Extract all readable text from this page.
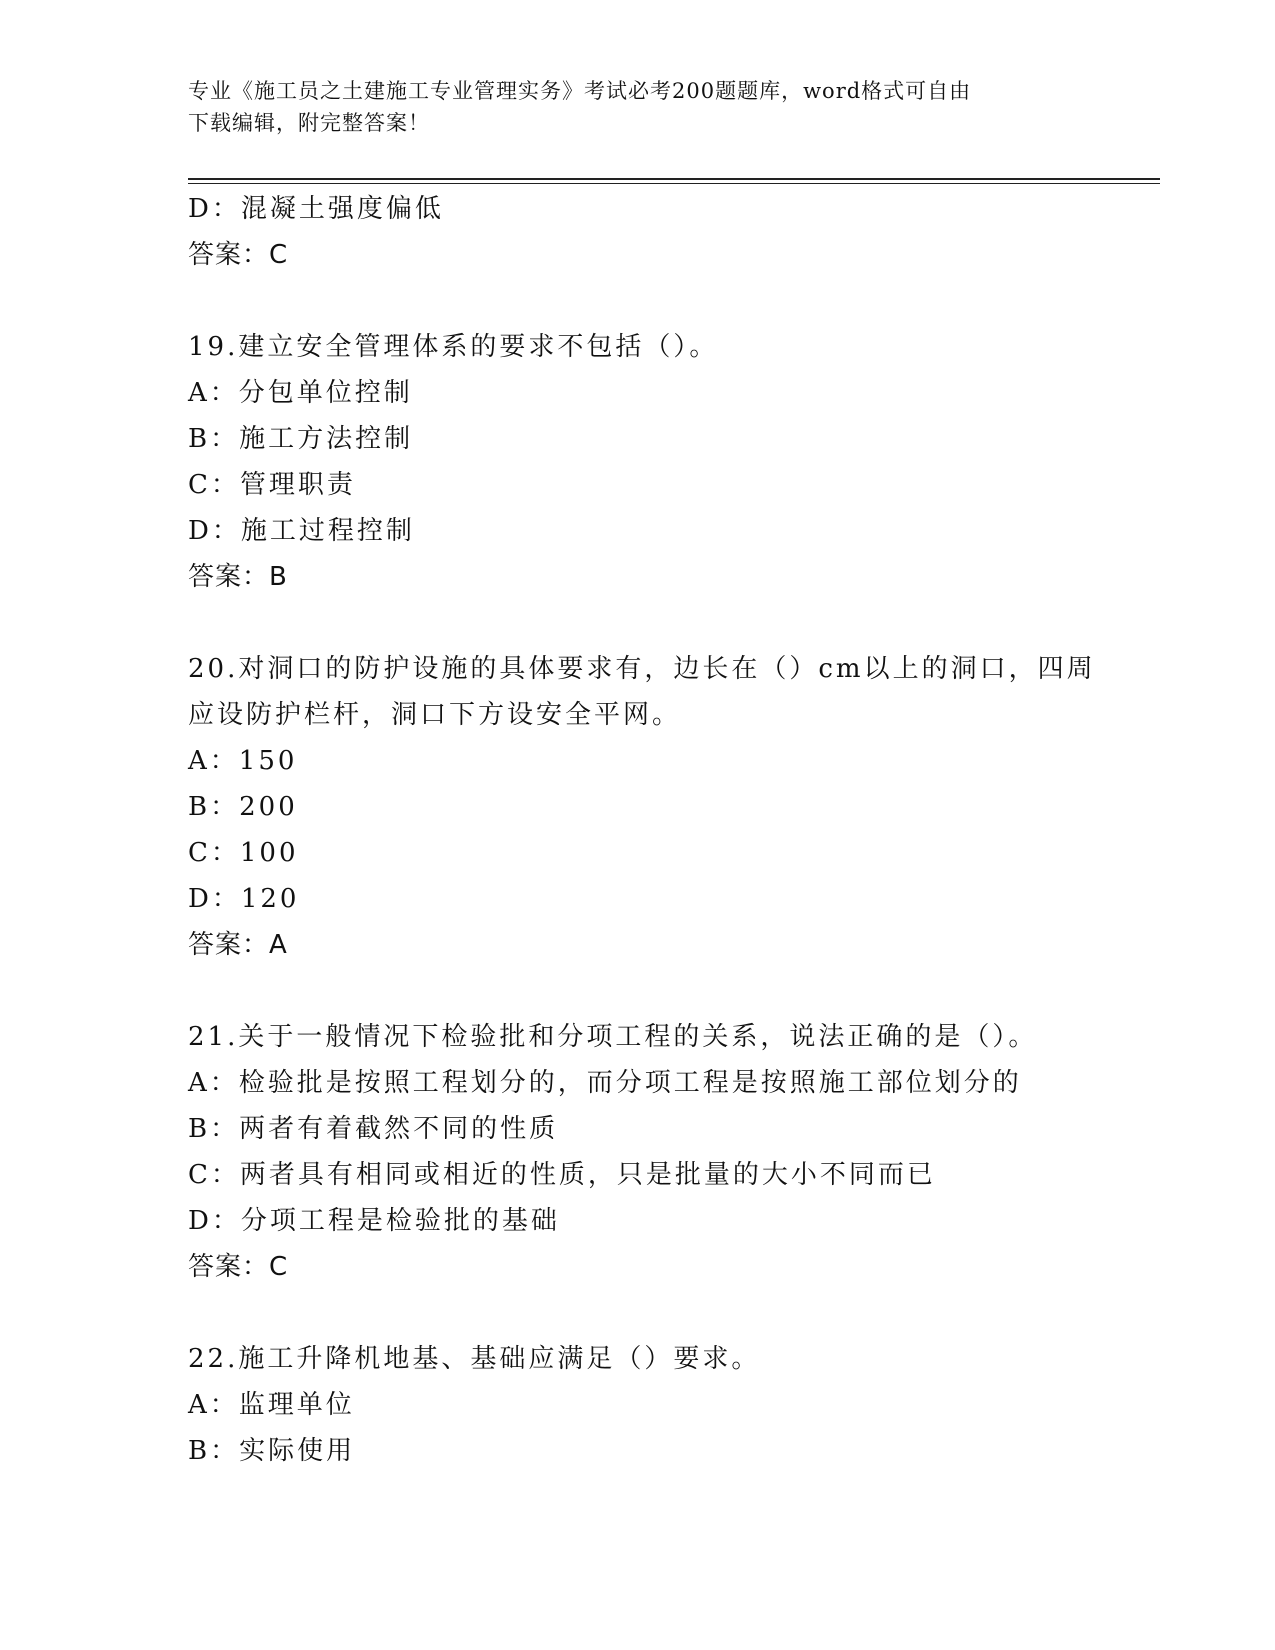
专业《施工员之土建施工专业管理实务》考试必考200题题库，word格式可自由
下载编辑，附完整答案！

D：混凝土强度偏低

答案：C

19.建立安全管理体系的要求不包括（）。

A：分包单位控制

B：施工方法控制

C：管理职责

D：施工过程控制

答案：B

20.对洞口的防护设施的具体要求有，边长在（）cm以上的洞口，四周

应设防护栏杆，洞口下方设安全平网。

A：150

B：200

C：100

D：120

答案：A

21.关于一般情况下检验批和分项工程的关系，说法正确的是（）。

A：检验批是按照工程划分的，而分项工程是按照施工部位划分的

B：两者有着截然不同的性质

C：两者具有相同或相近的性质，只是批量的大小不同而已

D：分项工程是检验批的基础

答案：C

22.施工升降机地基、基础应满足（）要求。

A：监理单位

B：实际使用
